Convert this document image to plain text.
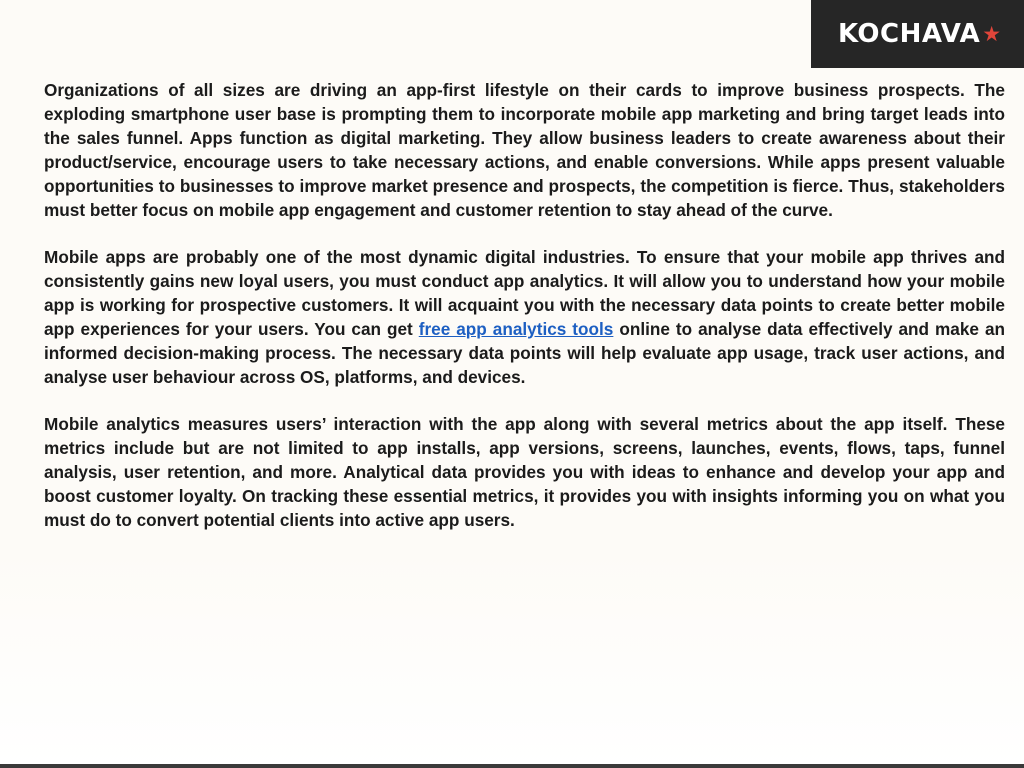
KOCHAVA ★

Organizations of all sizes are driving an app-first lifestyle on their cards to improve business prospects. The exploding smartphone user base is prompting them to incorporate mobile app marketing and bring target leads into the sales funnel. Apps function as digital marketing. They allow business leaders to create awareness about their product/service, encourage users to take necessary actions, and enable conversions. While apps present valuable opportunities to businesses to improve market presence and prospects, the competition is fierce. Thus, stakeholders must better focus on mobile app engagement and customer retention to stay ahead of the curve.

Mobile apps are probably one of the most dynamic digital industries. To ensure that your mobile app thrives and consistently gains new loyal users, you must conduct app analytics. It will allow you to understand how your mobile app is working for prospective customers. It will acquaint you with the necessary data points to create better mobile app experiences for your users. You can get free app analytics tools online to analyse data effectively and make an informed decision-making process. The necessary data points will help evaluate app usage, track user actions, and analyse user behaviour across OS, platforms, and devices.

Mobile analytics measures users’ interaction with the app along with several metrics about the app itself. These metrics include but are not limited to app installs, app versions, screens, launches, events, flows, taps, funnel analysis, user retention, and more. Analytical data provides you with ideas to enhance and develop your app and boost customer loyalty. On tracking these essential metrics, it provides you with insights informing you on what you must do to convert potential clients into active app users.
